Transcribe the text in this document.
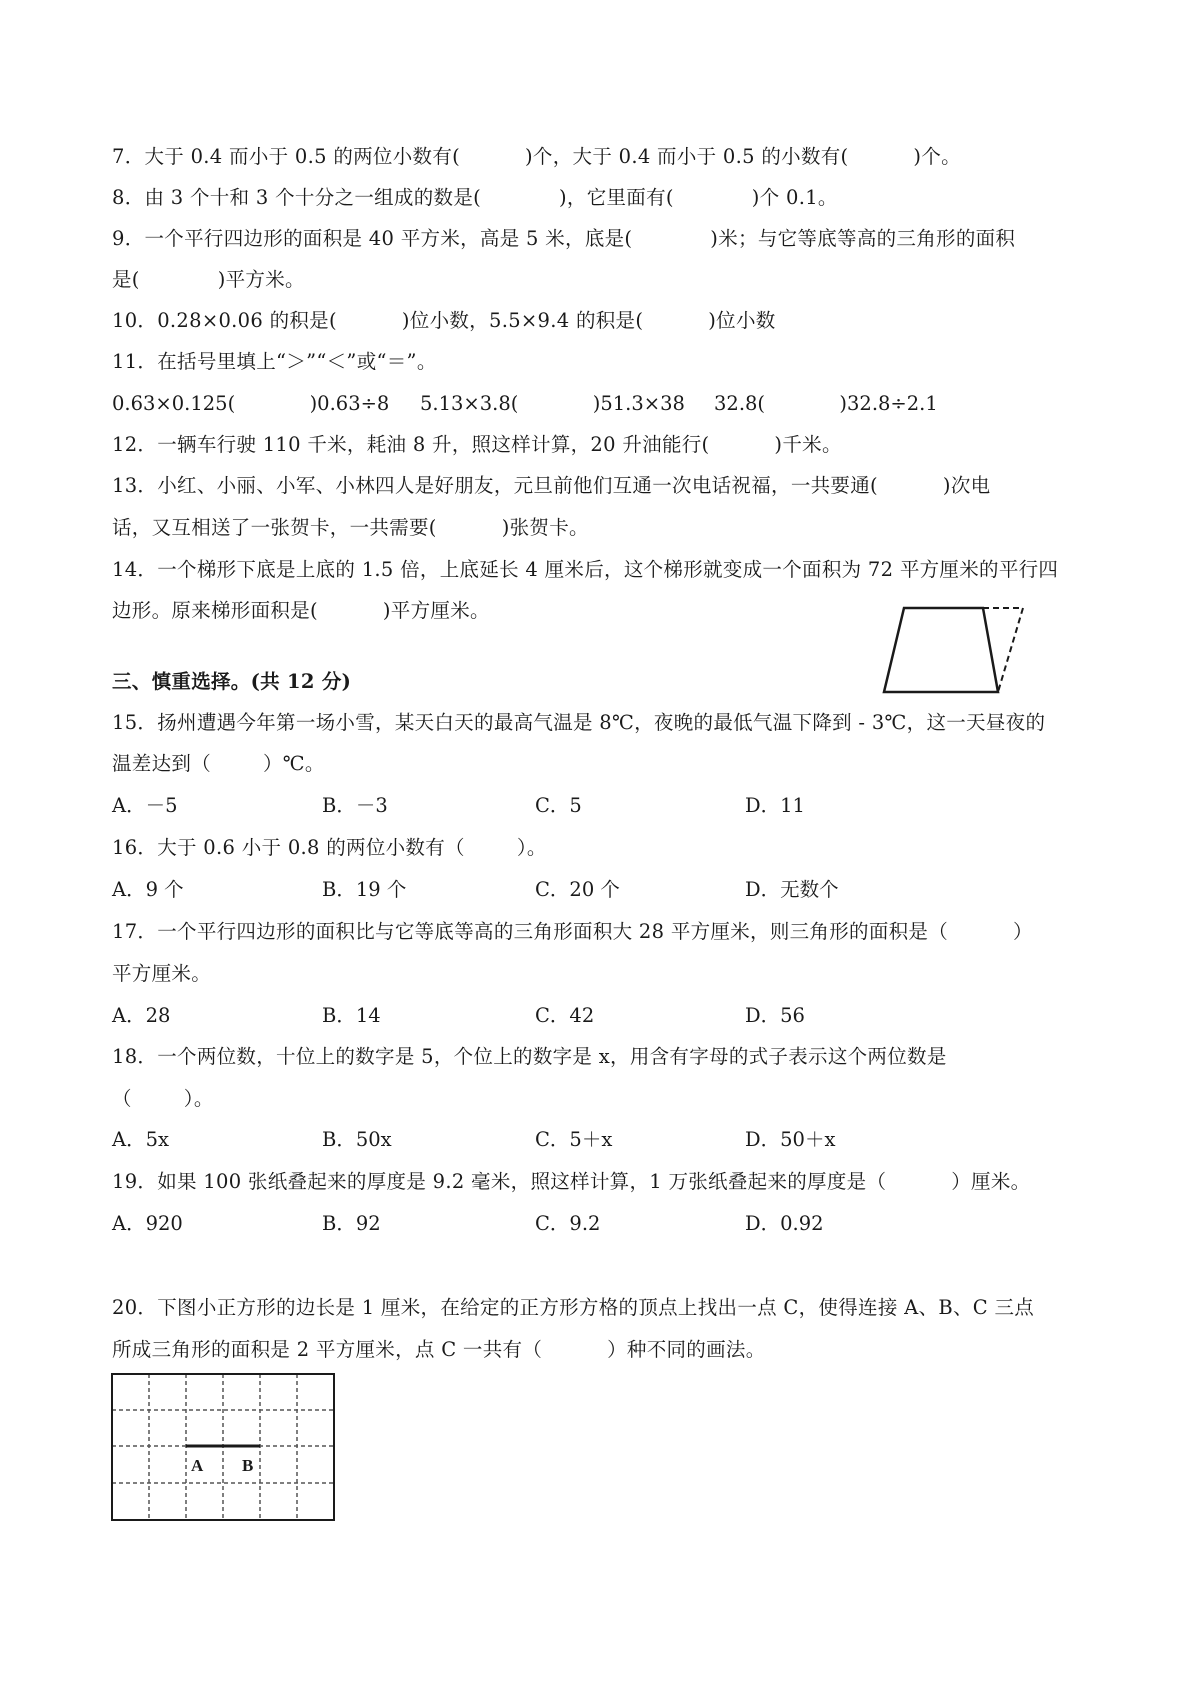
7．大于 0.4 而小于 0.5 的两位小数有(          )个，大于 0.4 而小于 0.5 的小数有(          )个。
8．由 3 个十和 3 个十分之一组成的数是(            )，它里面有(            )个 0.1。
9．一个平行四边形的面积是 40 平方米，高是 5 米，底是(            )米；与它等底等高的三角形的面积
是(            )平方米。
10．0.28×0.06 的积是(          )位小数，5.5×9.4 的积是(          )位小数
11．在括号里填上“＞”“＜”或“＝”。
0.63×0.125(            )0.63÷8 5.13×3.8(            )51.3×38 32.8(            )32.8÷2.1
12．一辆车行驶 110 千米，耗油 8 升，照这样计算，20 升油能行(          )千米。
13．小红、小丽、小军、小林四人是好朋友，元旦前他们互通一次电话祝福，一共要通(          )次电
话，又互相送了一张贺卡，一共需要(          )张贺卡。
14．一个梯形下底是上底的 1.5 倍，上底延长 4 厘米后，这个梯形就变成一个面积为 72 平方厘米的平行四
边形。原来梯形面积是(          )平方厘米。
三、慎重选择。(共 12 分)
15．扬州遭遇今年第一场小雪，某天白天的最高气温是 8℃，夜晚的最低气温下降到 - 3℃，这一天昼夜的
温差达到（        ）℃。
A．－5	B．－3	C．5	D．11
16．大于 0.6 小于 0.8 的两位小数有（        ）。
A．9 个	B．19 个	C．20 个	D．无数个
17．一个平行四边形的面积比与它等底等高的三角形面积大 28 平方厘米，则三角形的面积是（          ）
平方厘米。
A．28	B．14	C．42	D．56
18．一个两位数，十位上的数字是 5，个位上的数字是 x，用含有字母的式子表示这个两位数是
（        ）。
A．5x	B．50x	C．5＋x	D．50＋x
19．如果 100 张纸叠起来的厚度是 9.2 毫米，照这样计算，1 万张纸叠起来的厚度是（          ）厘米。
A．920	B．92	C．9.2	D．0.92
20．下图小正方形的边长是 1 厘米，在给定的正方形方格的顶点上找出一点 C，使得连接 A、B、C 三点
所成三角形的面积是 2 平方厘米，点 C 一共有（          ）种不同的画法。
A B
